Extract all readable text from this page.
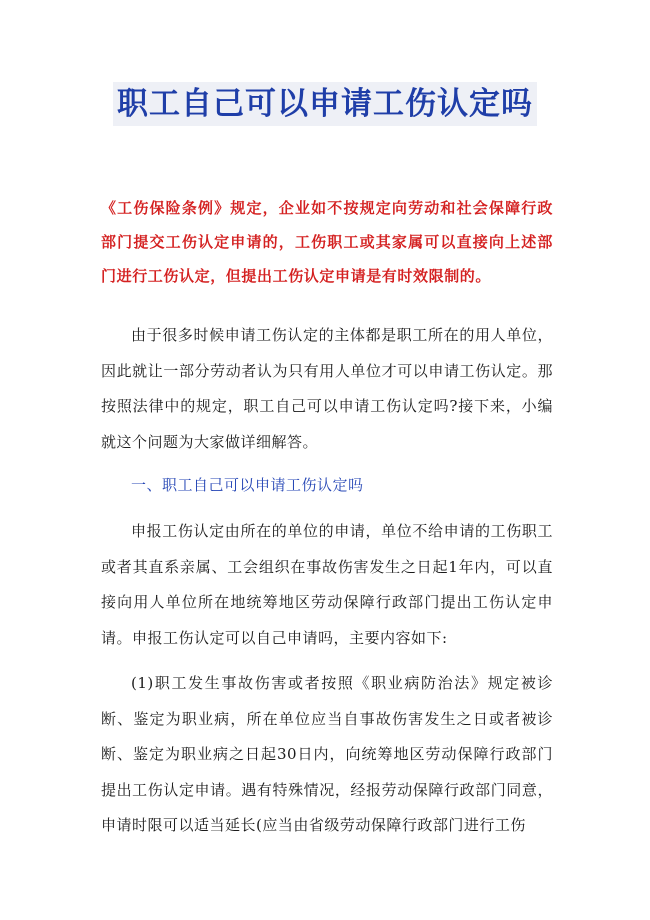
职工自己可以申请工伤认定吗

《工伤保险条例》规定，企业如不按规定向劳动和社会保障行政部门提交工伤认定申请的，工伤职工或其家属可以直接向上述部门进行工伤认定，但提出工伤认定申请是有时效限制的。

由于很多时候申请工伤认定的主体都是职工所在的用人单位，因此就让一部分劳动者认为只有用人单位才可以申请工伤认定。那按照法律中的规定，职工自己可以申请工伤认定吗?接下来，小编就这个问题为大家做详细解答。

一、职工自己可以申请工伤认定吗

申报工伤认定由所在的单位的申请，单位不给申请的工伤职工或者其直系亲属、工会组织在事故伤害发生之日起1年内，可以直接向用人单位所在地统筹地区劳动保障行政部门提出工伤认定申请。申报工伤认定可以自己申请吗，主要内容如下:

(1)职工发生事故伤害或者按照《职业病防治法》规定被诊断、鉴定为职业病，所在单位应当自事故伤害发生之日或者被诊断、鉴定为职业病之日起30日内，向统筹地区劳动保障行政部门提出工伤认定申请。遇有特殊情况，经报劳动保障行政部门同意，申请时限可以适当延长(应当由省级劳动保障行政部门进行工伤
